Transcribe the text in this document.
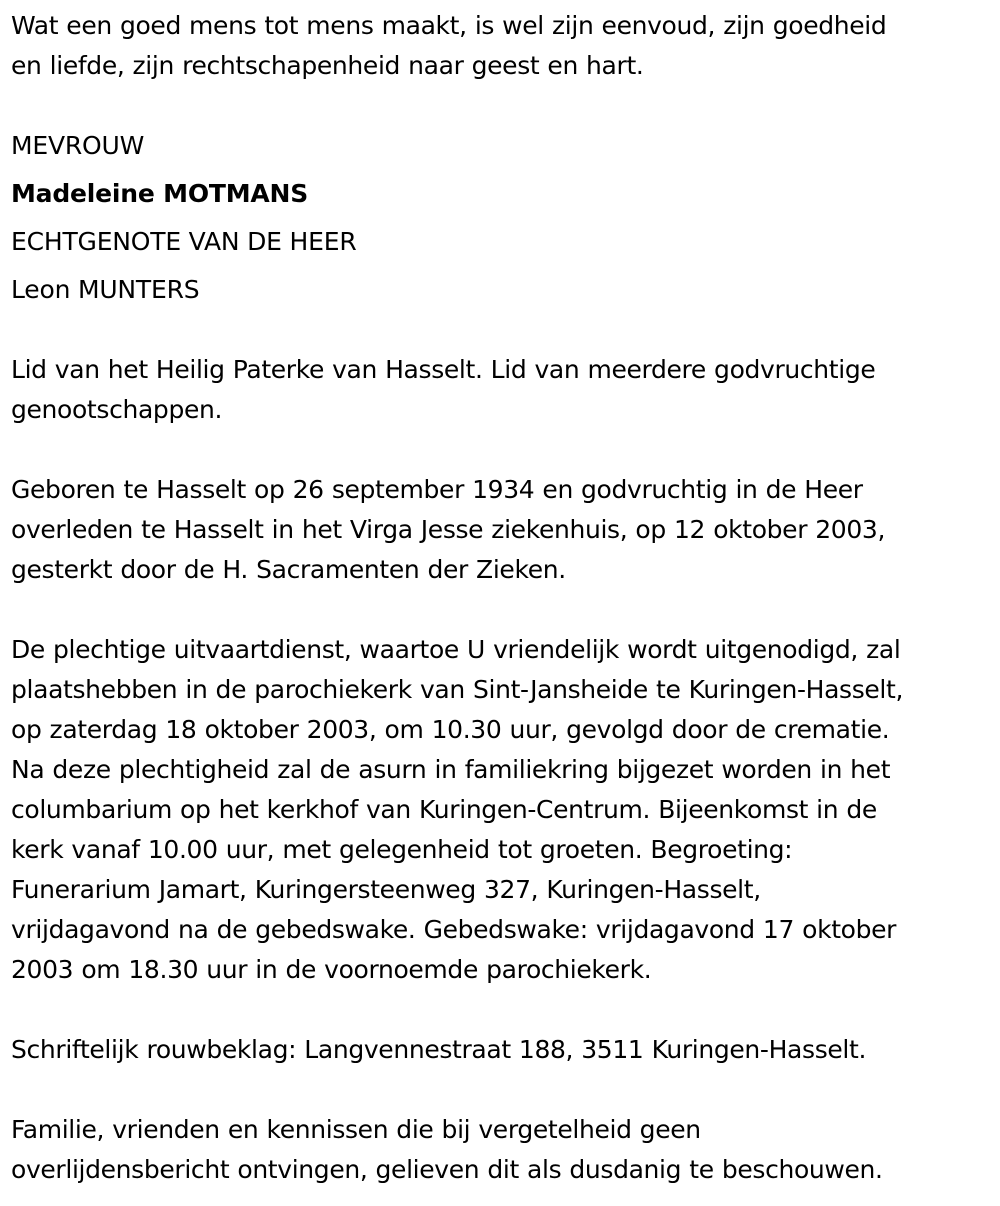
Wat een goed mens tot mens maakt, is wel zijn eenvoud, zijn goedheid
en liefde, zijn rechtschapenheid naar geest en hart.

MEVROUW

Madeleine MOTMANS

ECHTGENOTE VAN DE HEER

Leon MUNTERS

Lid van het Heilig Paterke van Hasselt. Lid van meerdere godvruchtige
genootschappen.

Geboren te Hasselt op 26 september 1934 en godvruchtig in de Heer
overleden te Hasselt in het Virga Jesse ziekenhuis, op 12 oktober 2003,
gesterkt door de H. Sacramenten der Zieken.

De plechtige uitvaartdienst, waartoe U vriendelijk wordt uitgenodigd, zal
plaatshebben in de parochiekerk van Sint-Jansheide te Kuringen-Hasselt,
op zaterdag 18 oktober 2003, om 10.30 uur, gevolgd door de crematie.
Na deze plechtigheid zal de asurn in familiekring bijgezet worden in het
columbarium op het kerkhof van Kuringen-Centrum. Bijeenkomst in de
kerk vanaf 10.00 uur, met gelegenheid tot groeten. Begroeting:
Funerarium Jamart, Kuringersteenweg 327, Kuringen-Hasselt,
vrijdagavond na de gebedswake. Gebedswake: vrijdagavond 17 oktober
2003 om 18.30 uur in de voornoemde parochiekerk.

Schriftelijk rouwbeklag: Langvennestraat 188, 3511 Kuringen-Hasselt.

Familie, vrienden en kennissen die bij vergetelheid geen
overlijdensbericht ontvingen, gelieven dit als dusdanig te beschouwen.
